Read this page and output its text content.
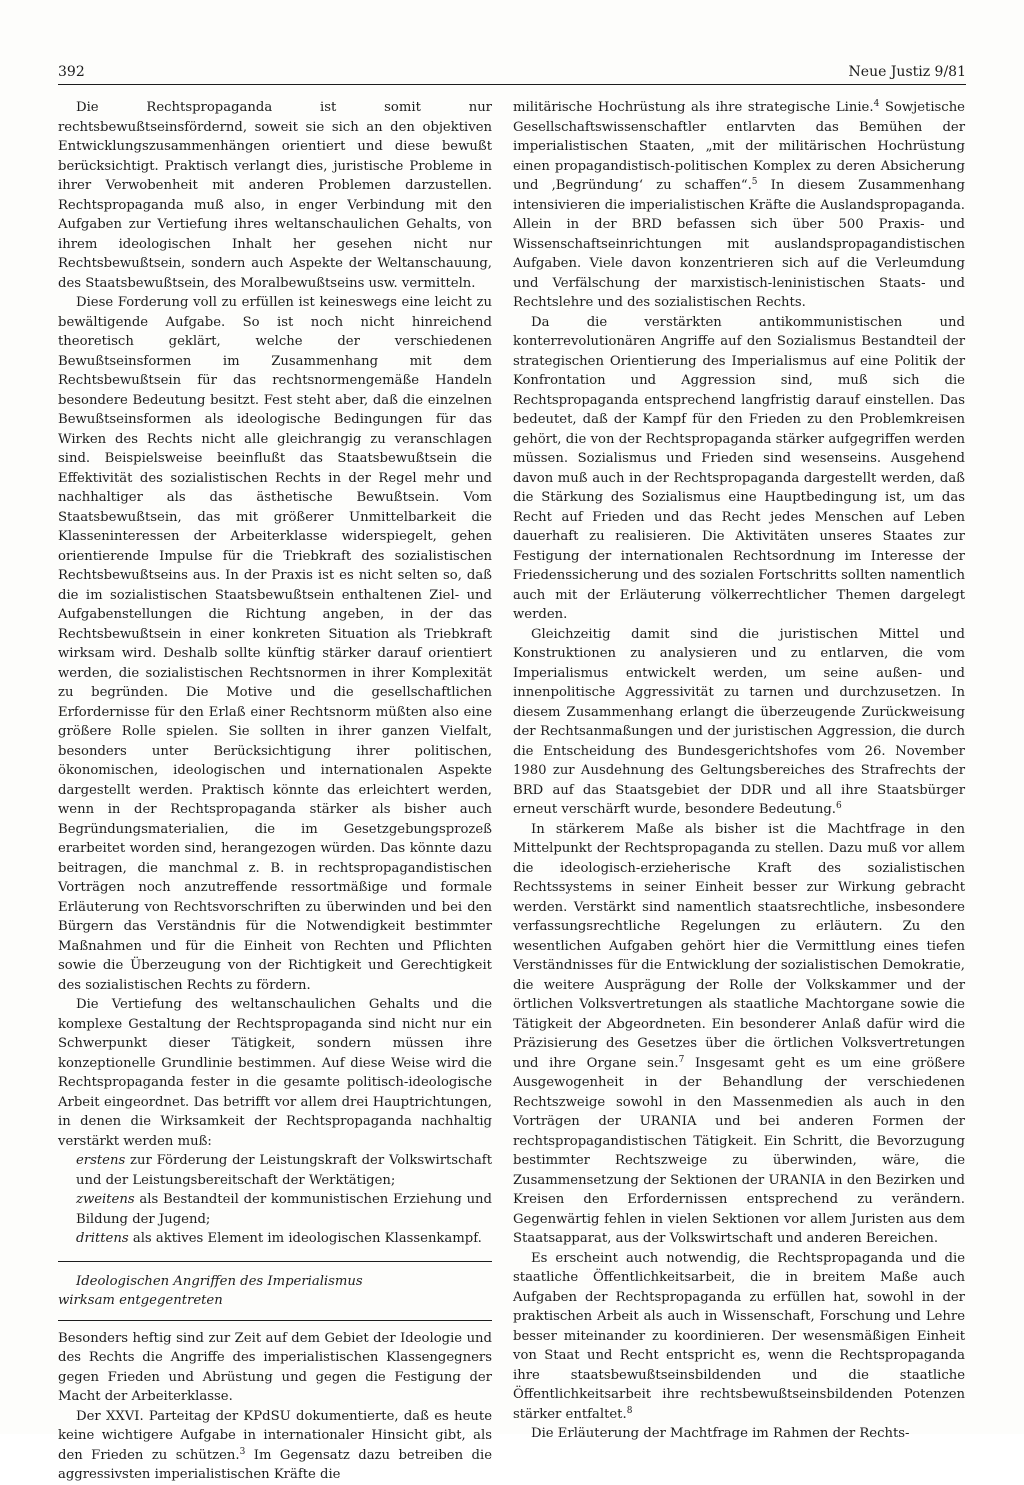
392	Neue Justiz 9/81

Die Rechtspropaganda ist somit nur rechtsbewußtseinsfördernd, soweit sie sich an den objektiven Entwicklungszusammenhängen orientiert und diese bewußt berücksichtigt. Praktisch verlangt dies, juristische Probleme in ihrer Verwobenheit mit anderen Problemen darzustellen. Rechtspropaganda muß also, in enger Verbindung mit den Aufgaben zur Vertiefung ihres weltanschaulichen Gehalts, von ihrem ideologischen Inhalt her gesehen nicht nur Rechtsbewußtsein, sondern auch Aspekte der Weltanschauung, des Staatsbewußtsein, des Moralbewußtseins usw. vermitteln.

Diese Forderung voll zu erfüllen ist keineswegs eine leicht zu bewältigende Aufgabe. So ist noch nicht hinreichend theoretisch geklärt, welche der verschiedenen Bewußtseinsformen im Zusammenhang mit dem Rechtsbewußtsein für das rechtsnormengemäße Handeln besondere Bedeutung besitzt. Fest steht aber, daß die einzelnen Bewußtseinsformen als ideologische Bedingungen für das Wirken des Rechts nicht alle gleichrangig zu veranschlagen sind. Beispielsweise beeinflußt das Staatsbewußtsein die Effektivität des sozialistischen Rechts in der Regel mehr und nachhaltiger als das ästhetische Bewußtsein. Vom Staatsbewußtsein, das mit größerer Unmittelbarkeit die Klasseninteressen der Arbeiterklasse widerspiegelt, gehen orientierende Impulse für die Triebkraft des sozialistischen Rechtsbewußtseins aus. In der Praxis ist es nicht selten so, daß die im sozialistischen Staatsbewußtsein enthaltenen Ziel- und Aufgabenstellungen die Richtung angeben, in der das Rechtsbewußtsein in einer konkreten Situation als Triebkraft wirksam wird. Deshalb sollte künftig stärker darauf orientiert werden, die sozialistischen Rechtsnormen in ihrer Komplexität zu begründen. Die Motive und die gesellschaftlichen Erfordernisse für den Erlaß einer Rechtsnorm müßten also eine größere Rolle spielen. Sie sollten in ihrer ganzen Vielfalt, besonders unter Berücksichtigung ihrer politischen, ökonomischen, ideologischen und internationalen Aspekte dargestellt werden. Praktisch könnte das erleichtert werden, wenn in der Rechtspropaganda stärker als bisher auch Begründungsmaterialien, die im Gesetzgebungsprozeß erarbeitet worden sind, herangezogen würden. Das könnte dazu beitragen, die manchmal z. B. in rechtspropagandistischen Vorträgen noch anzutreffende ressortmäßige und formale Erläuterung von Rechtsvorschriften zu überwinden und bei den Bürgern das Verständnis für die Notwendigkeit bestimmter Maßnahmen und für die Einheit von Rechten und Pflichten sowie die Überzeugung von der Richtigkeit und Gerechtigkeit des sozialistischen Rechts zu fördern.

Die Vertiefung des weltanschaulichen Gehalts und die komplexe Gestaltung der Rechtspropaganda sind nicht nur ein Schwerpunkt dieser Tätigkeit, sondern müssen ihre konzeptionelle Grundlinie bestimmen. Auf diese Weise wird die Rechtspropaganda fester in die gesamte politisch-ideologische Arbeit eingeordnet. Das betrifft vor allem drei Hauptrichtungen, in denen die Wirksamkeit der Rechtspropaganda nachhaltig verstärkt werden muß:

erstens zur Förderung der Leistungskraft der Volkswirtschaft und der Leistungsbereitschaft der Werktätigen;

zweitens als Bestandteil der kommunistischen Erziehung und Bildung der Jugend;

drittens als aktives Element im ideologischen Klassenkampf.

Ideologischen Angriffen des Imperialismus
wirksam entgegentreten

Besonders heftig sind zur Zeit auf dem Gebiet der Ideologie und des Rechts die Angriffe des imperialistischen Klassengegners gegen Frieden und Abrüstung und gegen die Festigung der Macht der Arbeiterklasse.

Der XXVI. Parteitag der KPdSU dokumentierte, daß es heute keine wichtigere Aufgabe in internationaler Hinsicht gibt, als den Frieden zu schützen.$^3$ Im Gegensatz dazu betreiben die aggressivsten imperialistischen Kräfte die

militärische Hochrüstung als ihre strategische Linie.$^4$ Sowjetische Gesellschaftswissenschaftler entlarvten das Bemühen der imperialistischen Staaten, „mit der militärischen Hochrüstung einen propagandistisch-politischen Komplex zu deren Absicherung und ‚Begründung‘ zu schaffen“.$^5$ In diesem Zusammenhang intensivieren die imperialistischen Kräfte die Auslandspropaganda. Allein in der BRD befassen sich über 500 Praxis- und Wissenschaftseinrichtungen mit auslandspropagandistischen Aufgaben. Viele davon konzentrieren sich auf die Verleumdung und Verfälschung der marxistisch-leninistischen Staats- und Rechtslehre und des sozialistischen Rechts.

Da die verstärkten antikommunistischen und konterrevolutionären Angriffe auf den Sozialismus Bestandteil der strategischen Orientierung des Imperialismus auf eine Politik der Konfrontation und Aggression sind, muß sich die Rechtspropaganda entsprechend langfristig darauf einstellen. Das bedeutet, daß der Kampf für den Frieden zu den Problemkreisen gehört, die von der Rechtspropaganda stärker aufgegriffen werden müssen. Sozialismus und Frieden sind wesenseins. Ausgehend davon muß auch in der Rechtspropaganda dargestellt werden, daß die Stärkung des Sozialismus eine Hauptbedingung ist, um das Recht auf Frieden und das Recht jedes Menschen auf Leben dauerhaft zu realisieren. Die Aktivitäten unseres Staates zur Festigung der internationalen Rechtsordnung im Interesse der Friedenssicherung und des sozialen Fortschritts sollten namentlich auch mit der Erläuterung völkerrechtlicher Themen dargelegt werden.

Gleichzeitig damit sind die juristischen Mittel und Konstruktionen zu analysieren und zu entlarven, die vom Imperialismus entwickelt werden, um seine außen- und innenpolitische Aggressivität zu tarnen und durchzusetzen. In diesem Zusammenhang erlangt die überzeugende Zurückweisung der Rechtsanmaßungen und der juristischen Aggression, die durch die Entscheidung des Bundesgerichtshofes vom 26. November 1980 zur Ausdehnung des Geltungsbereiches des Strafrechts der BRD auf das Staatsgebiet der DDR und all ihre Staatsbürger erneut verschärft wurde, besondere Bedeutung.$^6$

In stärkerem Maße als bisher ist die Machtfrage in den Mittelpunkt der Rechtspropaganda zu stellen. Dazu muß vor allem die ideologisch-erzieherische Kraft des sozialistischen Rechtssystems in seiner Einheit besser zur Wirkung gebracht werden. Verstärkt sind namentlich staatsrechtliche, insbesondere verfassungsrechtliche Regelungen zu erläutern. Zu den wesentlichen Aufgaben gehört hier die Vermittlung eines tiefen Verständnisses für die Entwicklung der sozialistischen Demokratie, die weitere Ausprägung der Rolle der Volkskammer und der örtlichen Volksvertretungen als staatliche Machtorgane sowie die Tätigkeit der Abgeordneten. Ein besonderer Anlaß dafür wird die Präzisierung des Gesetzes über die örtlichen Volksvertretungen und ihre Organe sein.$^7$ Insgesamt geht es um eine größere Ausgewogenheit in der Behandlung der verschiedenen Rechtszweige sowohl in den Massenmedien als auch in den Vorträgen der URANIA und bei anderen Formen der rechtspropagandistischen Tätigkeit. Ein Schritt, die Bevorzugung bestimmter Rechtszweige zu überwinden, wäre, die Zusammensetzung der Sektionen der URANIA in den Bezirken und Kreisen den Erfordernissen entsprechend zu verändern. Gegenwärtig fehlen in vielen Sektionen vor allem Juristen aus dem Staatsapparat, aus der Volkswirtschaft und anderen Bereichen.

Es erscheint auch notwendig, die Rechtspropaganda und die staatliche Öffentlichkeitsarbeit, die in breitem Maße auch Aufgaben der Rechtspropaganda zu erfüllen hat, sowohl in der praktischen Arbeit als auch in Wissenschaft, Forschung und Lehre besser miteinander zu koordinieren. Der wesensmäßigen Einheit von Staat und Recht entspricht es, wenn die Rechtspropaganda ihre staatsbewußtseinsbildenden und die staatliche Öffentlichkeitsarbeit ihre rechtsbewußtseinsbildenden Potenzen stärker entfaltet.$^8$

Die Erläuterung der Machtfrage im Rahmen der Rechts-
